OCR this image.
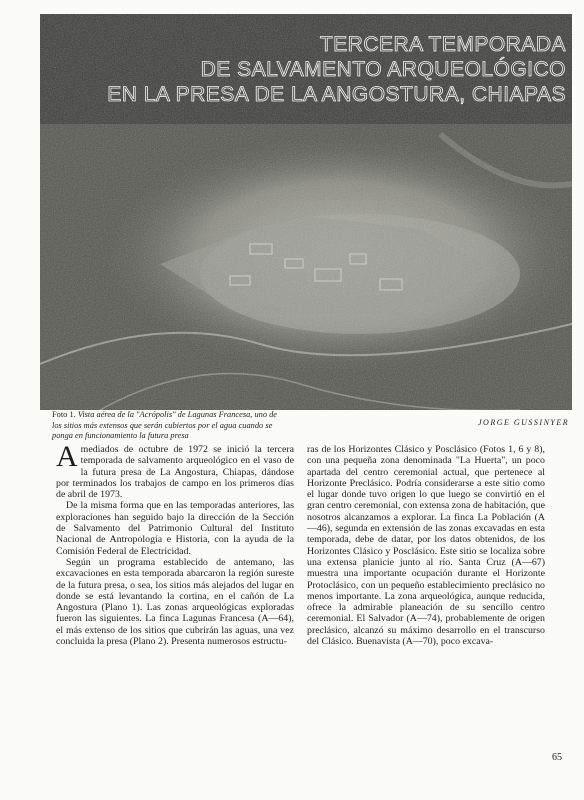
TERCERA TEMPORADA
DE SALVAMENTO ARQUEOLÓGICO
EN LA PRESA DE LA ANGOSTURA, CHIAPAS
Foto 1. Vista aérea de la "Acrópolis" de Lagunas Francesa, uno de los sitios más extensos que serán cubiertos por el agua cuando se ponga en funcionamiento la futura presa
JORGE GUSSINYER

Amediados de octubre de 1972 se inició la tercera temporada de salvamento arqueológico en el vaso de la futura presa de La Angostura, Chiapas, dándose por terminados los trabajos de campo en los primeros días de abril de 1973.

De la misma forma que en las temporadas anteriores, las exploraciones han seguido bajo la dirección de la Sección de Salvamento del Patrimonio Cultural del Instituto Nacional de Antropología e Historia, con la ayuda de la Comisión Federal de Electricidad.

Según un programa establecido de antemano, las excavaciones en esta temporada abarcaron la región sureste de la futura presa, o sea, los sitios más alejados del lugar en donde se está levantando la cortina, en el cañón de La Angostura (Plano 1). Las zonas arqueológicas exploradas fueron las siguientes. La finca Lagunas Francesa (A—64), el más extenso de los sitios que cubrirán las aguas, una vez concluida la presa (Plano 2). Presenta numerosos estructu-

ras de los Horizontes Clásico y Posclásico (Fotos 1, 6 y 8), con una pequeña zona denominada "La Huerta", un poco apartada del centro ceremonial actual, que pertenece al Horizonte Preclásico. Podría considerarse a este sitio como el lugar donde tuvo origen lo que luego se convirtió en el gran centro ceremonial, con extensa zona de habitación, que nosotros alcanzamos a explorar. La finca La Población (A—46), segunda en extensión de las zonas excavadas en esta temporada, debe de datar, por los datos obtenidos, de los Horizontes Clásico y Posclásico. Este sitio se localiza sobre una extensa planicie junto al río. Santa Cruz (A—67) muestra una importante ocupación durante el Horizonte Protoclásico, con un pequeño establecimiento preclásico no menos importante. La zona arqueológica, aunque reducida, ofrece la admirable planeación de su sencillo centro ceremonial. El Salvador (A—74), probablemente de origen preclásico, alcanzó su máximo desarrollo en el transcurso del Clásico. Buenavista (A—70), poco excava-

65
